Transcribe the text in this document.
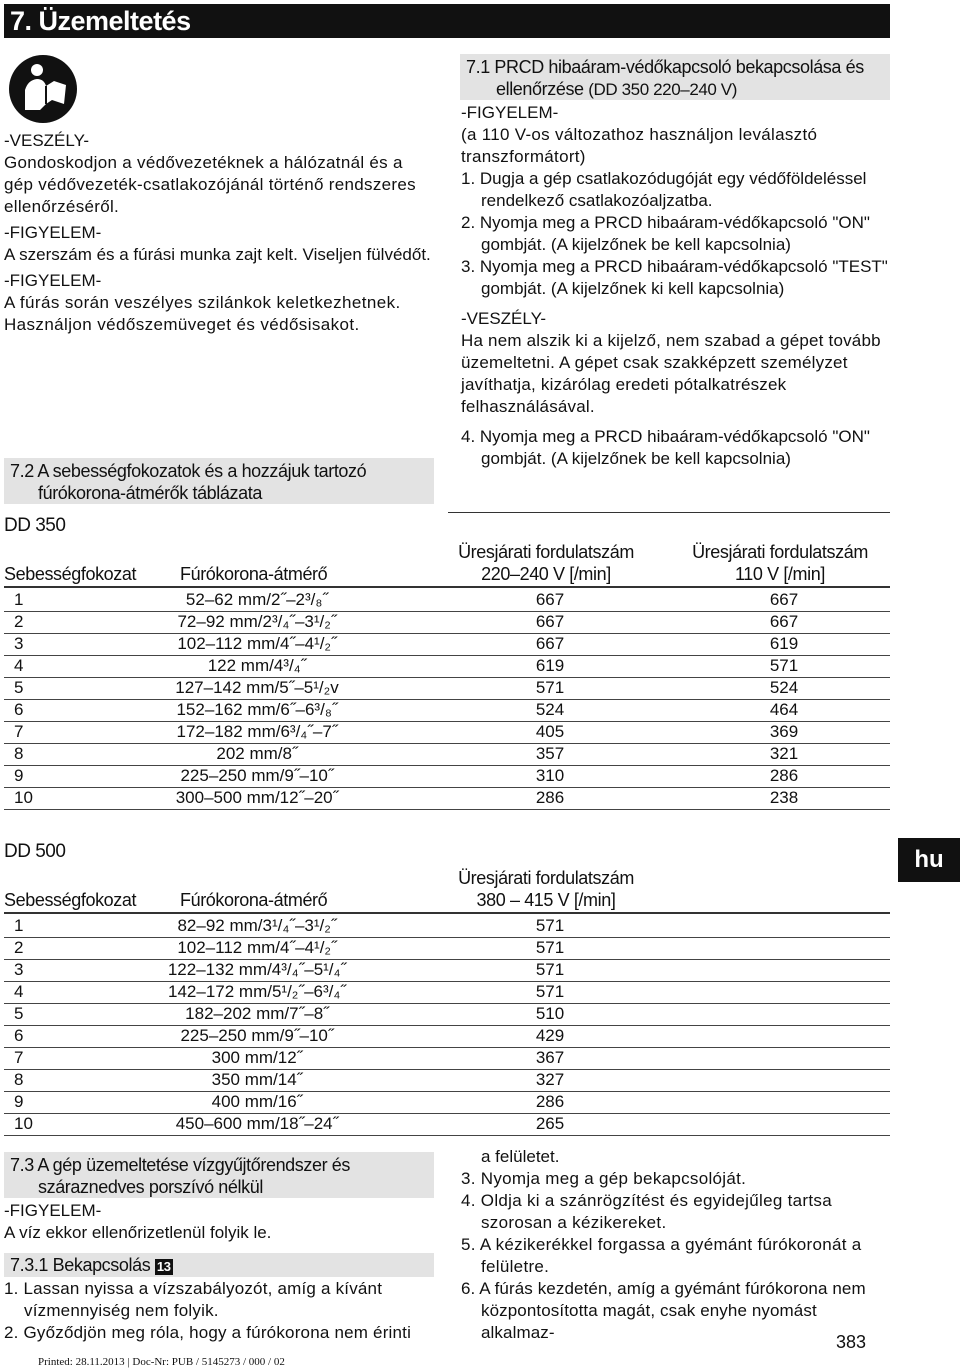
7. Üzemeltetés

-VESZÉLY-

Gondoskodjon a védővezetéknek a hálózatnál és a gép védővezeték-csatlakozójánál történő rendszeres ellenőrzéséről.

-FIGYELEM-

A szerszám és a fúrási munka zajt kelt. Viseljen fülvédőt.

-FIGYELEM-

A fúrás során veszélyes szilánkok keletkezhetnek. Használjon védőszemüveget és védősisakot.

7.2 A sebességfokozatok és a hozzájuk tartozó fúrókorona-átmérők táblázata
7.1 PRCD hibaáram-védőkapcsoló bekapcsolása és ellenőrzése (DD 350 220–240 V)

-FIGYELEM-

(a 110 V-os változathoz használjon leválasztó transzformátort)

1. Dugja a gép csatlakozódugóját egy védőföldeléssel rendelkező csatlakozóaljzatba.

2. Nyomja meg a PRCD hibaáram-védőkapcsoló "ON" gombját. (A kijelzőnek be kell kapcsolnia)

3. Nyomja meg a PRCD hibaáram-védőkapcsoló "TEST" gombját. (A kijelzőnek ki kell kapcsolnia)

-VESZÉLY-

Ha nem alszik ki a kijelző, nem szabad a gépet tovább üzemeltetni. A gépet csak szakképzett személyzet javíthatja, kizárólag eredeti pótalkatrészek felhasználásával.

4. Nyomja meg a PRCD hibaáram-védőkapcsoló "ON" gombját. (A kijelzőnek be kell kapcsolnia)

DD 350
Sebességfokozat Fúrókorona-átmérő
Üresjárati fordulatszám
220–240 V [/min]
Üresjárati fordulatszám
110 V [/min]
1	52–62 mm/2˝–2³/₈˝	667	667
2	72–92 mm/2³/₄˝–3¹/₂˝	667	667
3	102–112 mm/4˝–4¹/₂˝	667	619
4	122 mm/4³/₄˝	619	571
5	127–142 mm/5˝–5¹/₂v	571	524
6	152–162 mm/6˝–6³/₈˝	524	464
7	172–182 mm/6³/₄˝–7˝	405	369
8	202 mm/8˝	357	321
9	225–250 mm/9˝–10˝	310	286
10	300–500 mm/12˝–20˝	286	238
DD 500
Sebességfokozat Fúrókorona-átmérő
Üresjárati fordulatszám
380 – 415 V [/min]
1	82–92 mm/3¹/₄˝–3¹/₂˝	571
2	102–112 mm/4˝–4¹/₂˝	571
3	122–132 mm/4³/₄˝–5¹/₄˝	571
4	142–172 mm/5¹/₂˝–6³/₄˝	571
5	182–202 mm/7˝–8˝	510
6	225–250 mm/9˝–10˝	429
7	300 mm/12˝	367
8	350 mm/14˝	327
9	400 mm/16˝	286
10	450–600 mm/18˝–24˝	265
hu
7.3 A gép üzemeltetése vízgyűjtőrendszer és száraznedves porszívó nélkül

-FIGYELEM-

A víz ekkor ellenőrizetlenül folyik le.

7.3.1 Bekapcsolás 13

1. Lassan nyissa a vízszabályozót, amíg a kívánt vízmennyiség nem folyik.

2. Győződjön meg róla, hogy a fúrókorona nem érinti

a felületet.

3. Nyomja meg a gép bekapcsolóját.

4. Oldja ki a szánrögzítést és egyidejűleg tartsa szorosan a kézikereket.

5. A kézikerékkel forgassa a gyémánt fúrókoronát a felületre.

6. A fúrás kezdetén, amíg a gyémánt fúrókorona nem központosította magát, csak enyhe nyomást alkalmaz-	383
Printed: 28.11.2013 | Doc-Nr: PUB / 5145273 / 000 / 02
